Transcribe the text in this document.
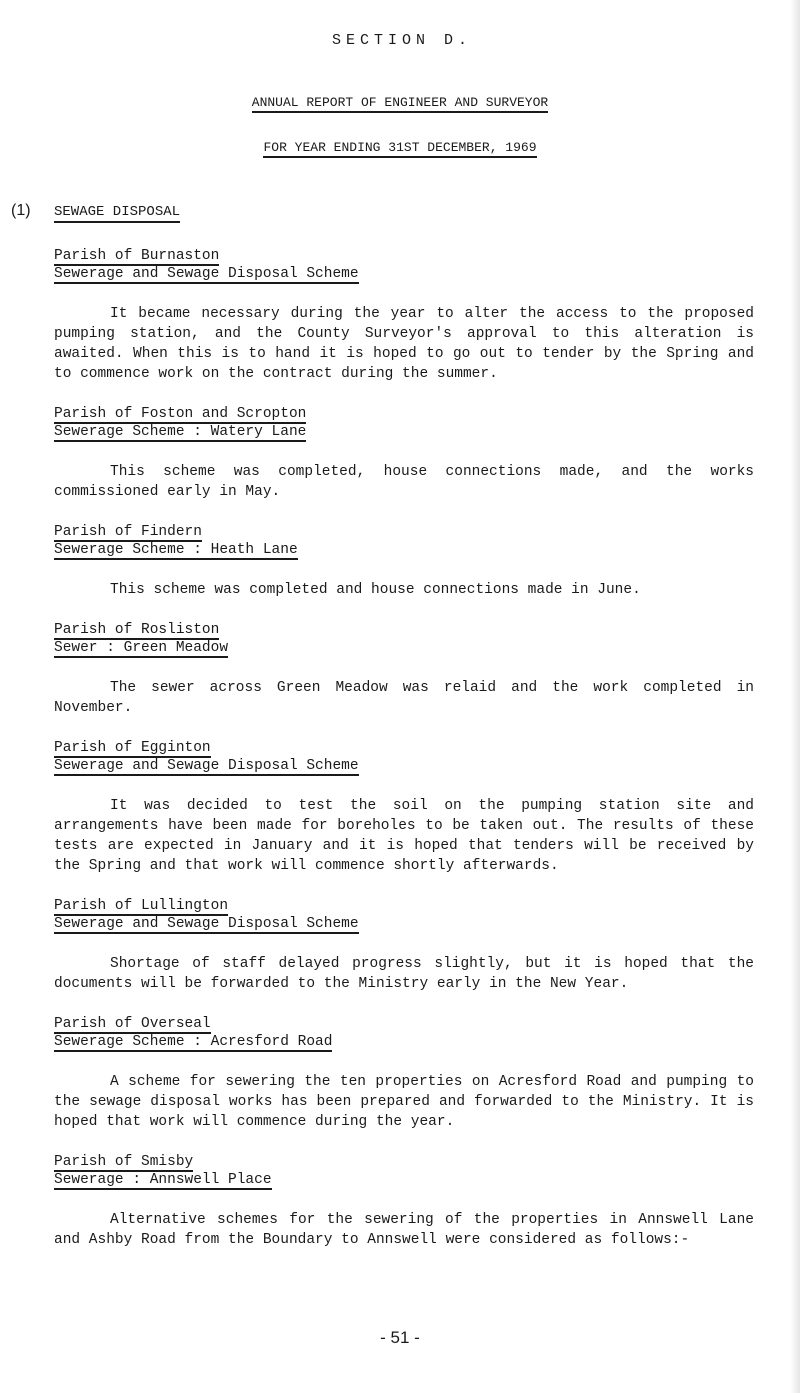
SECTION D.
ANNUAL REPORT OF ENGINEER AND SURVEYOR
FOR YEAR ENDING 31ST DECEMBER, 1969
(1) SEWAGE DISPOSAL
Parish of Burnaston
Sewerage and Sewage Disposal Scheme
It became necessary during the year to alter the access to the proposed pumping station, and the County Surveyor's approval to this alteration is awaited. When this is to hand it is hoped to go out to tender by the Spring and to commence work on the contract during the summer.
Parish of Foston and Scropton
Sewerage Scheme : Watery Lane
This scheme was completed, house connections made, and the works commissioned early in May.
Parish of Findern
Sewerage Scheme : Heath Lane
This scheme was completed and house connections made in June.
Parish of Rosliston
Sewer : Green Meadow
The sewer across Green Meadow was relaid and the work completed in November.
Parish of Egginton
Sewerage and Sewage Disposal Scheme
It was decided to test the soil on the pumping station site and arrangements have been made for boreholes to be taken out. The results of these tests are expected in January and it is hoped that tenders will be received by the Spring and that work will commence shortly afterwards.
Parish of Lullington
Sewerage and Sewage Disposal Scheme
Shortage of staff delayed progress slightly, but it is hoped that the documents will be forwarded to the Ministry early in the New Year.
Parish of Overseal
Sewerage Scheme : Acresford Road
A scheme for sewering the ten properties on Acresford Road and pumping to the sewage disposal works has been prepared and forwarded to the Ministry. It is hoped that work will commence during the year.
Parish of Smisby
Sewerage : Annswell Place
Alternative schemes for the sewering of the properties in Annswell Lane and Ashby Road from the Boundary to Annswell were considered as follows:-
- 51 -
